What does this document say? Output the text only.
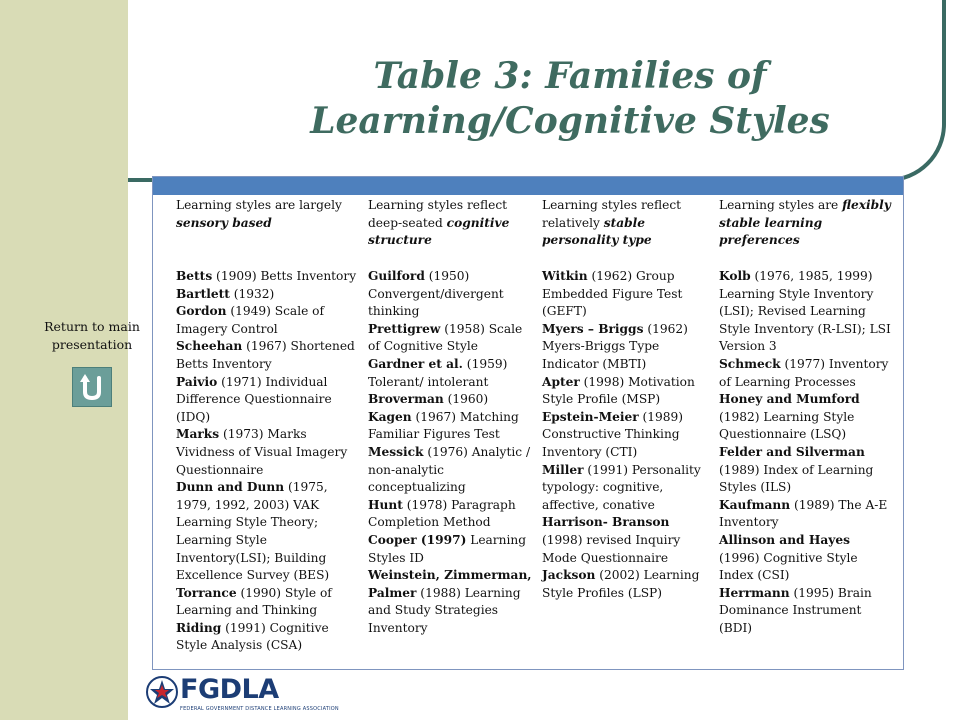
Table 3: Families of
Learning/Cognitive Styles
Return to main presentation
Learning styles are largely sensory based

Betts (1909) Betts Inventory

Bartlett (1932)

Gordon (1949) Scale of Imagery Control

Scheehan (1967) Shortened Betts Inventory

Paivio (1971) Individual Difference Questionnaire (IDQ)

Marks (1973) Marks Vividness of Visual Imagery Questionnaire

Dunn and Dunn (1975, 1979, 1992, 2003) VAK Learning Style Theory; Learning Style Inventory(LSI); Building Excellence Survey (BES)

Torrance (1990) Style of Learning and Thinking

Riding (1991) Cognitive Style Analysis (CSA)

Learning styles reflect deep-seated cognitive structure

Guilford (1950) Convergent/divergent thinking

Prettigrew (1958) Scale of Cognitive Style

Gardner et al. (1959) Tolerant/ intolerant

Broverman (1960)

Kagen (1967) Matching Familiar Figures Test

Messick (1976) Analytic / non-analytic conceptualizing

Hunt (1978) Paragraph Completion Method

Cooper (1997) Learning Styles ID

Weinstein, Zimmerman, Palmer (1988) Learning and Study Strategies Inventory

Learning styles reflect relatively stable personality type

Witkin (1962) Group Embedded Figure Test (GEFT)

Myers – Briggs (1962) Myers-Briggs Type Indicator (MBTI)

Apter (1998) Motivation Style Profile (MSP)

Epstein-Meier (1989) Constructive Thinking Inventory (CTI)

Miller (1991) Personality typology: cognitive, affective, conative

Harrison- Branson (1998) revised Inquiry Mode Questionnaire

Jackson (2002) Learning Style Profiles (LSP)

Learning styles are flexibly stable learning preferences

Kolb (1976, 1985, 1999) Learning Style Inventory (LSI); Revised Learning Style Inventory (R-LSI); LSI Version 3

Schmeck (1977) Inventory of Learning Processes

Honey and Mumford (1982) Learning Style Questionnaire (LSQ)

Felder and Silverman (1989) Index of Learning Styles (ILS)

Kaufmann (1989) The A-E Inventory

Allinson and Hayes (1996) Cognitive Style Index (CSI)

Herrmann (1995) Brain Dominance Instrument (BDI)

FGDLA
FEDERAL GOVERNMENT DISTANCE LEARNING ASSOCIATION
